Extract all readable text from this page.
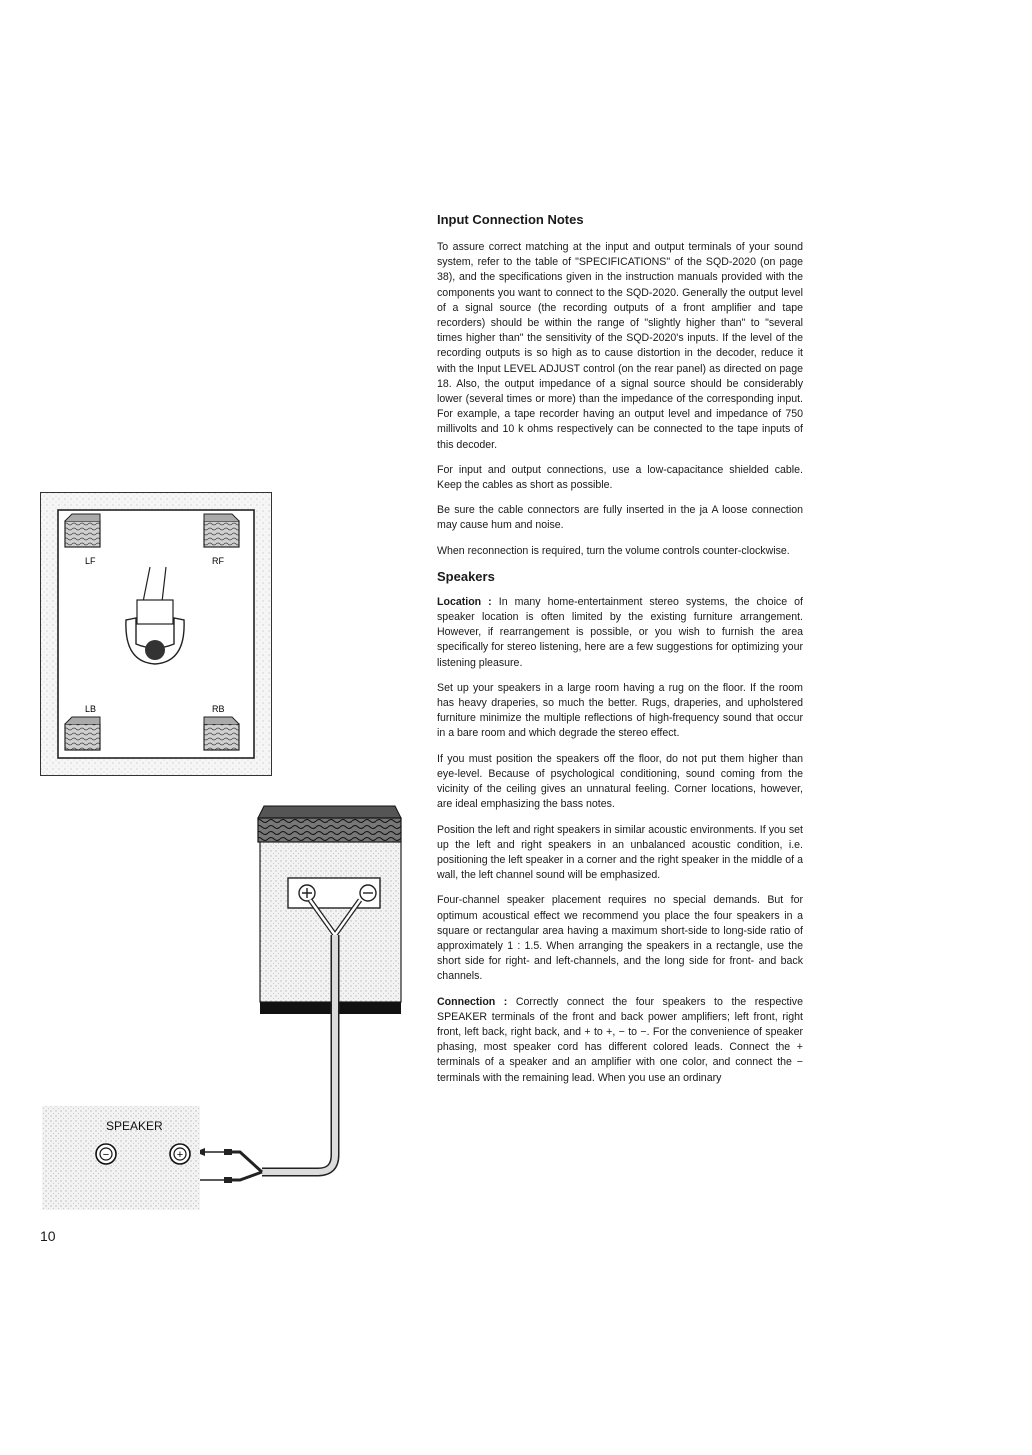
Input Connection Notes

To assure correct matching at the input and output terminals of your sound system, refer to the table of "SPECIFICATIONS" of the SQD-2020 (on page 38), and the specifications given in the instruction manuals provided with the components you want to connect to the SQD-2020. Generally the output level of a signal source (the recording outputs of a front amplifier and tape recorders) should be within the range of "slightly higher than" to "several times higher than" the sensitivity of the SQD-2020's inputs. If the level of the recording outputs is so high as to cause distortion in the decoder, reduce it with the Input LEVEL ADJUST control (on the rear panel) as directed on page 18. Also, the output impedance of a signal source should be considerably lower (several times or more) than the impedance of the corresponding input. For example, a tape recorder having an output level and impedance of 750 millivolts and 10 k ohms respectively can be connected to the tape inputs of this decoder.

For input and output connections, use a low-capacitance shielded cable. Keep the cables as short as possible.

Be sure the cable connectors are fully inserted in the ja A loose connection may cause hum and noise.

When reconnection is required, turn the volume controls counter-clockwise.

Speakers

Location : In many home-entertainment stereo systems, the choice of speaker location is often limited by the existing furniture arrangement. However, if rearrangement is possible, or you wish to furnish the area specifically for stereo listening, here are a few suggestions for optimizing your listening pleasure.

Set up your speakers in a large room having a rug on the floor. If the room has heavy draperies, so much the better. Rugs, draperies, and upholstered furniture minimize the multiple reflections of high-frequency sound that occur in a bare room and which degrade the stereo effect.

If you must position the speakers off the floor, do not put them higher than eye-level. Because of psychological conditioning, sound coming from the vicinity of the ceiling gives an unnatural feeling. Corner locations, however, are ideal emphasizing the bass notes.

Position the left and right speakers in similar acoustic environments. If you set up the left and right speakers in an unbalanced acoustic condition, i.e. positioning the left speaker in a corner and the right speaker in the middle of a wall, the left channel sound will be emphasized.

Four-channel speaker placement requires no special demands. But for optimum acoustical effect we recommend you place the four speakers in a square or rectangular area having a maximum short-side to long-side ratio of approximately 1 : 1.5. When arranging the speakers in a rectangle, use the short side for right- and left-channels, and the long side for front- and back channels.

Connection : Correctly connect the four speakers to the respective SPEAKER terminals of the front and back power amplifiers; left front, right front, left back, right back, and + to +, − to −. For the convenience of speaker phasing, most speaker cord has different colored leads. Connect the + terminals of a speaker and an amplifier with one color, and connect the − terminals with the remaining lead. When you use an ordinary

LF	RF
LB	RB
SPEAKER
−	+
10
